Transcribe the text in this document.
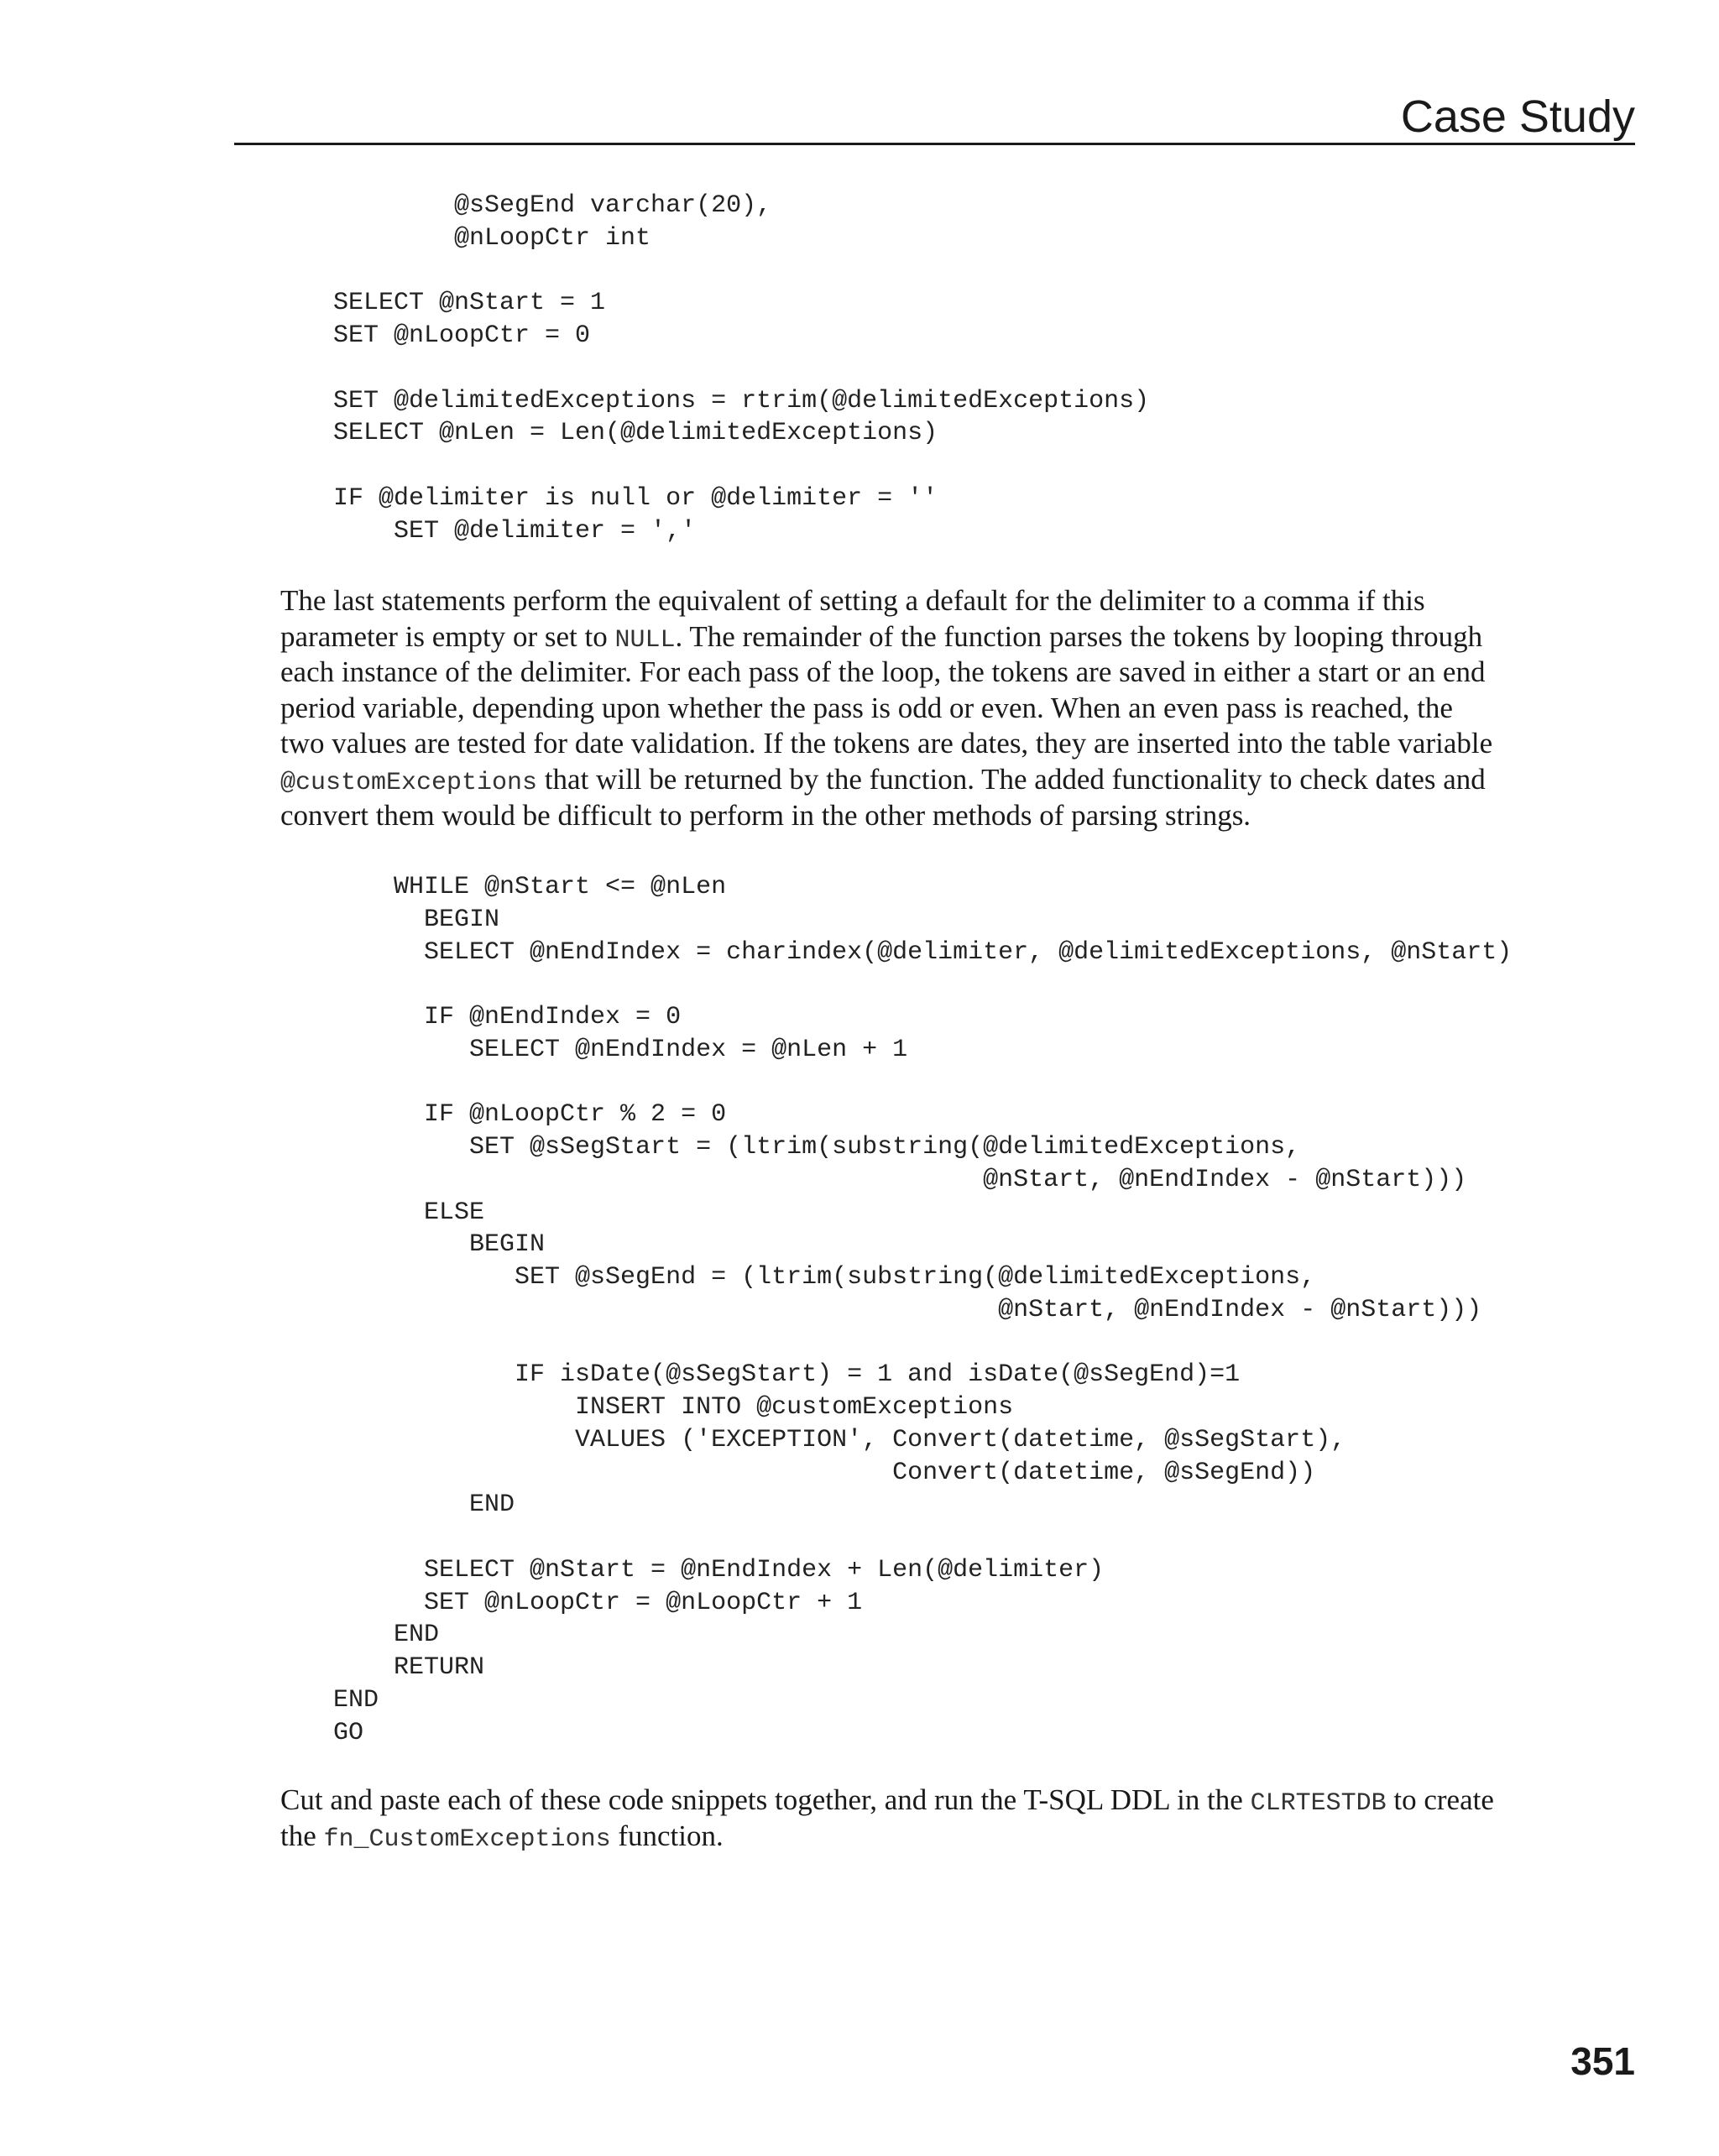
Case Study
@sSegEnd varchar(20),
@nLoopCtr int
SELECT @nStart = 1
SET @nLoopCtr = 0
SET @delimitedExceptions = rtrim(@delimitedExceptions)
SELECT @nLen = Len(@delimitedExceptions)
IF @delimiter is null or @delimiter = ''
SET @delimiter = ','

The last statements perform the equivalent of setting a default for the delimiter to a comma if this
parameter is empty or set to NULL. The remainder of the function parses the tokens by looping through
each instance of the delimiter. For each pass of the loop, the tokens are saved in either a start or an end
period variable, depending upon whether the pass is odd or even. When an even pass is reached, the
two values are tested for date validation. If the tokens are dates, they are inserted into the table variable
@customExceptions that will be returned by the function. The added functionality to check dates and
convert them would be difficult to perform in the other methods of parsing strings.

WHILE @nStart <= @nLen
BEGIN
SELECT @nEndIndex = charindex(@delimiter, @delimitedExceptions, @nStart)
IF @nEndIndex = 0
SELECT @nEndIndex = @nLen + 1
IF @nLoopCtr % 2 = 0
SET @sSegStart = (ltrim(substring(@delimitedExceptions,
@nStart, @nEndIndex - @nStart)))
ELSE
BEGIN
SET @sSegEnd = (ltrim(substring(@delimitedExceptions,
@nStart, @nEndIndex - @nStart)))
IF isDate(@sSegStart) = 1 and isDate(@sSegEnd)=1
INSERT INTO @customExceptions
VALUES ('EXCEPTION', Convert(datetime, @sSegStart),
Convert(datetime, @sSegEnd))
END
SELECT @nStart = @nEndIndex + Len(@delimiter)
SET @nLoopCtr = @nLoopCtr + 1
END
RETURN
END
GO

Cut and paste each of these code snippets together, and run the T-SQL DDL in the CLRTESTDB to create
the fn_CustomExceptions function.

351
